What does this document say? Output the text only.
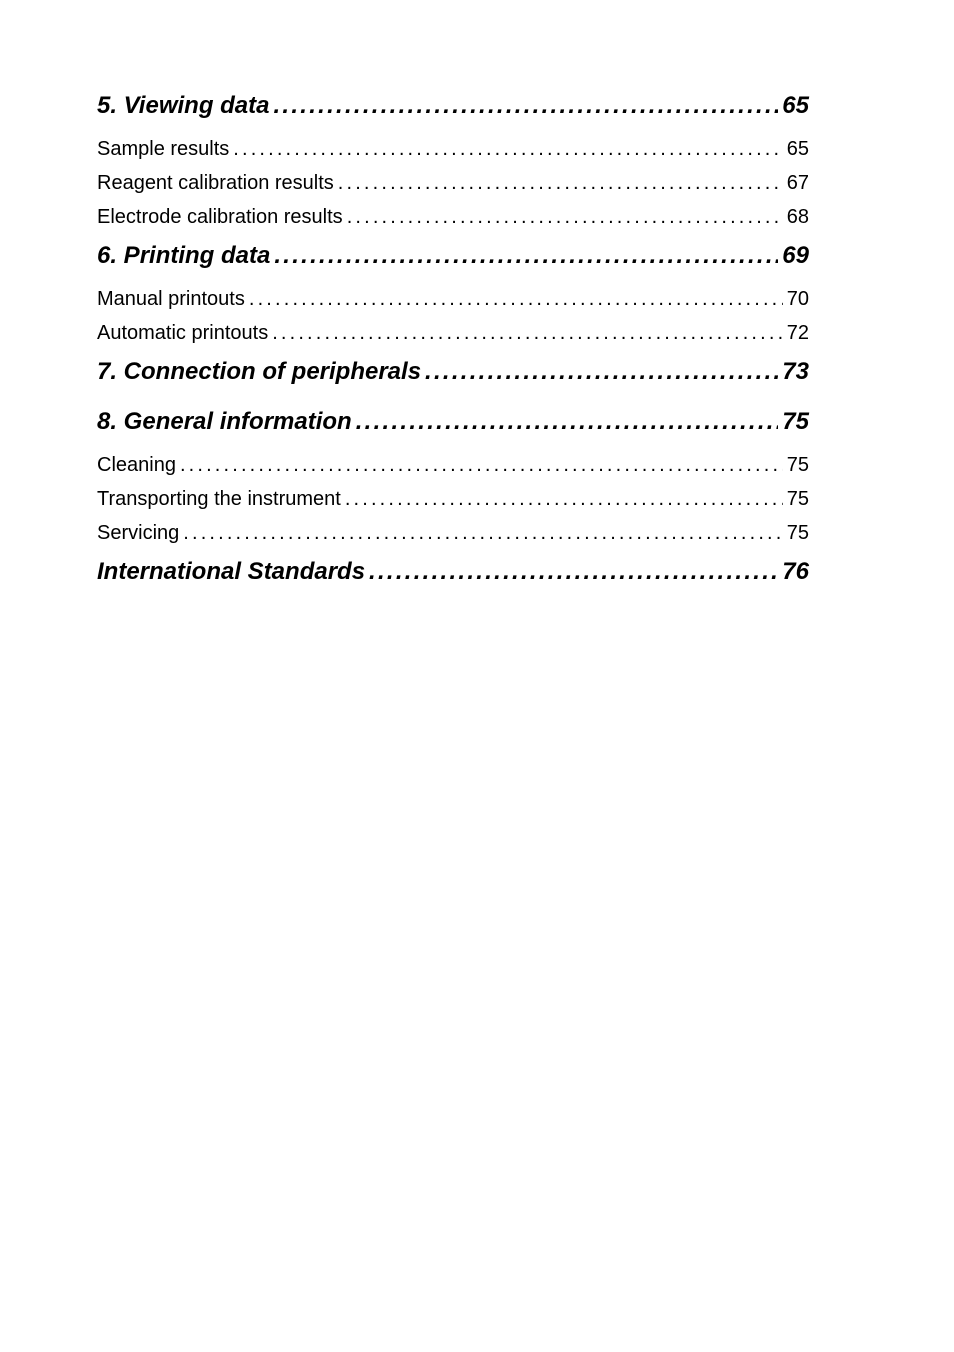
5. Viewing data . . .	65
Sample results . . .	65
Reagent calibration results . . .	67
Electrode calibration results . . .	68
6. Printing data . . .	69
Manual printouts . . .	70
Automatic printouts . . .	72
7. Connection of peripherals . . .	73
8. General information . . .	75
Cleaning . . .	75
Transporting the instrument . . .	75
Servicing . . .	75
International Standards . . .	76
